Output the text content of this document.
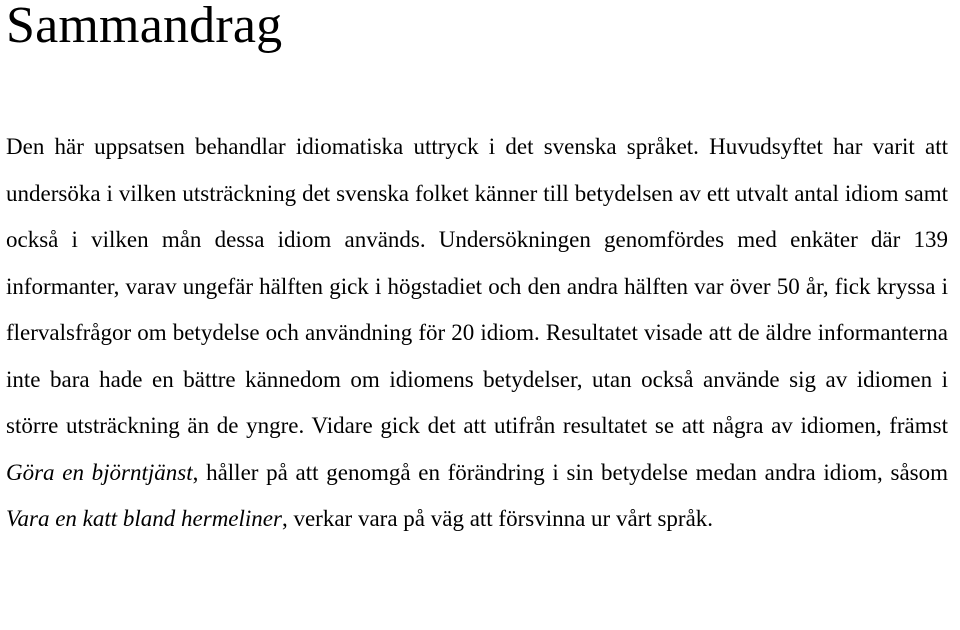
Sammandrag

Den här uppsatsen behandlar idiomatiska uttryck i det svenska språket. Huvudsyftet har varit att undersöka i vilken utsträckning det svenska folket känner till betydelsen av ett utvalt antal idiom samt också i vilken mån dessa idiom används. Undersökningen genomfördes med enkäter där 139 informanter, varav ungefär hälften gick i högstadiet och den andra hälften var över 50 år, fick kryssa i flervalsfrågor om betydelse och användning för 20 idiom. Resultatet visade att de äldre informanterna inte bara hade en bättre kännedom om idiomens betydelser, utan också använde sig av idiomen i större utsträckning än de yngre. Vidare gick det att utifrån resultatet se att några av idiomen, främst Göra en björntjänst, håller på att genomgå en förändring i sin betydelse medan andra idiom, såsom Vara en katt bland hermeliner, verkar vara på väg att försvinna ur vårt språk.
